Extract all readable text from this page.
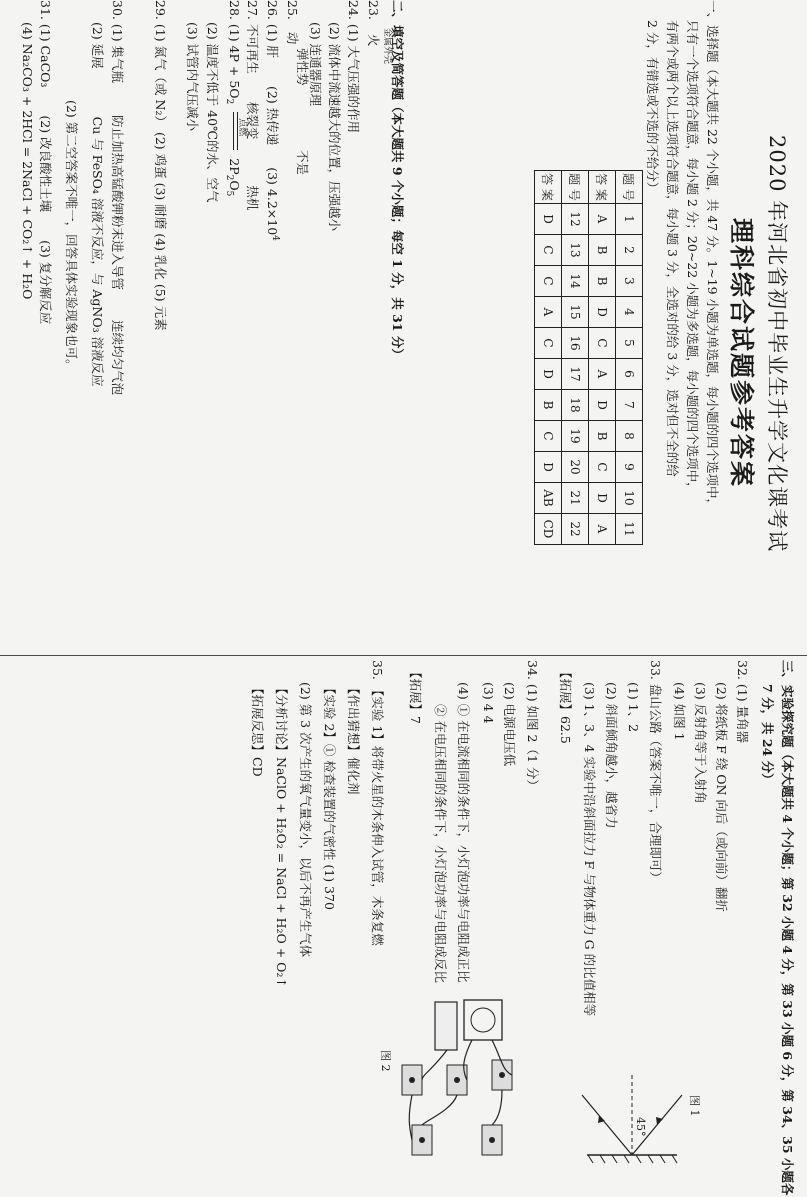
2020 年河北省初中毕业生升学文化课考试
理科综合试题参考答案
一、选择题（本大题共 22 个小题，共 47 分。1~19 小题为单选题，每小题的四个选项中，
只有一个选项符合题意，每小题 2 分；20~22 小题为多选题，每小题的四个选项中，
有两个或两个以上选项符合题意，每小题 3 分，全选对的给 3 分，选对但不全的给
2 分，有错选或不选的不给分）
题 号	1	2	3	4	5	6	7	8	9	10	11
答 案	A	B	B	D	C	A	D	B	C	D	A
题 号	12	13	14	15	16	17	18	19	20	21	22
答 案	D	C	C	A	C	D	B	C	D	AB	CD
二、填空及简答题（本大题共 9 个小题；每空 1 分，共 31 分）
23. 火 金属外壳
24. (1) 大气压强的作用
(2) 流体中流速越大的位置，压强越小
(3) 连通器原理
25. 动
弹性势
不是
26. (1) 肝 (2) 热传递 (3) $4.2\times 10^4$
27. 不可再生 核裂变 热机
28. (1) $4P + 5O_2$
点燃
$2P_2O_5$
(2) 温度不低于 40℃的水、空气
(3) 试管内气压减小
29. (1) 氮气（或 N₂） (2) 鸡蛋 (3) 耐磨 (4) 乳化 (5) 元素
30. (1) 集气瓶 防止加热高锰酸钾粉末进入导管 连续均匀气泡
(2) 延展 Cu 与 FeSO₄ 溶液不反应，与 AgNO₃ 溶液反应
(2) 第二空答案不唯一，回答具体实验现象也可。
31. (1) CaCO₃ (2) 改良酸性土壤 (3) 复分解反应
(4) Na₂CO₃ + 2HCl = 2NaCl + CO₂↑ + H₂O
三、实验探究题（本大题共 4 个小题；第 32 小题 4 分，第 33 小题 6 分，第 34、35 小题各
7 分，共 24 分）
32. (1) 量角器
(2) 将纸板 F 绕 ON 向后（或向前）翻折
(3) 反射角等于入射角
(4) 如图 1
33. 盘山公路（答案不唯一，合理即可）
(1) 1、2
(2) 斜面倾角越小，越省力
(3) 1、3、4 实验中沿斜面拉力 F 与物体重力 G 的比值相等
【拓展】62.5
34. (1) 如图 2（1 分）
(2) 电源电压低
(3) 4 4
(4) ① 在电流相同的条件下，小灯泡功率与电阻成正比
② 在电压相同的条件下，小灯泡功率与电阻成反比
【拓展】7
35. 【实验 1】将带火星的木条伸入试管，木条复燃
【作出猜想】催化剂
【实验 2】① 检查装置的气密性 (1) 370
(2) 第 3 次产生的氧气量变小，以后不再产生气体
【分析讨论】NaClO + H₂O₂ = NaCl + H₂O + O₂↑
【拓展反思】CD
45°
图 1
图 2
